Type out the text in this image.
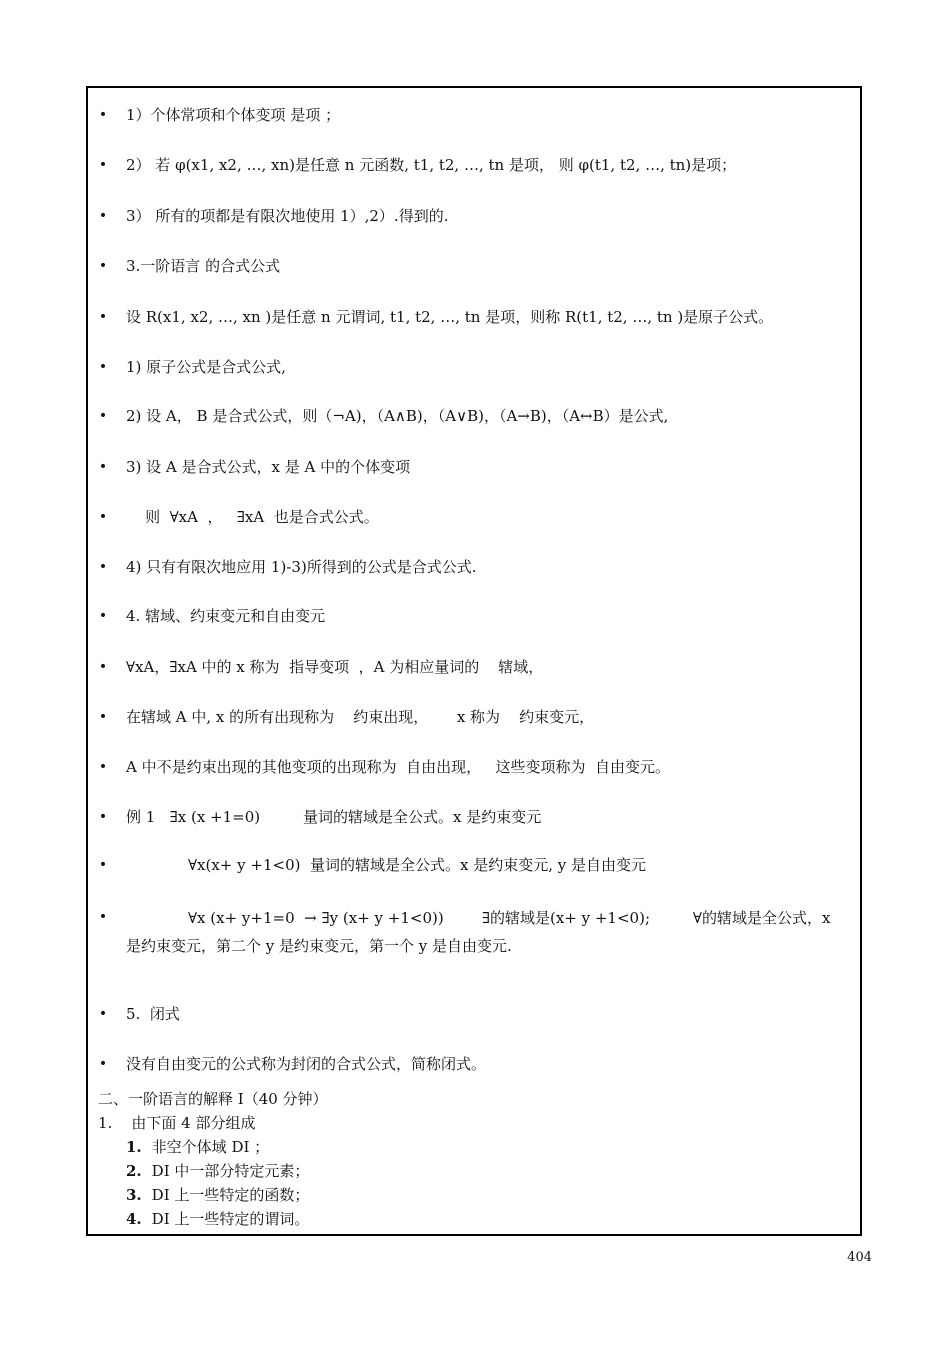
• 1）个体常项和个体变项 是项 ；
• 2） 若 φ(x1, x2, …, xn)是任意 n 元函数, t1, t2, …, tn 是项， 则 φ(t1, t2, …, tn)是项；
• 3） 所有的项都是有限次地使用 1）,2）.得到的.
• 3.一阶语言 的合式公式
• 设 R(x1, x2, …, xn )是任意 n 元谓词, t1, t2, …, tn 是项，则称 R(t1, t2, …, tn )是原子公式。
• 1) 原子公式是合式公式,
• 2) 设 A， B 是合式公式，则（¬A)，（A∧B)，（A∨B)，（A→B)，（A↔B）是公式,
• 3) 设 A 是合式公式，x 是 A 中的个体变项
• 则  ∀xA  ，   ∃xA  也是合式公式。
• 4) 只有有限次地应用 1)-3)所得到的公式是合式公式.
• 4. 辖域、约束变元和自由变元
• ∀xA，∃xA 中的 x 称为  指导变项  ，A 为相应量词的    辖域，
• 在辖域 A 中, x 的所有出现称为    约束出现，      x 称为    约束变元，
• A 中不是约束出现的其他变项的出现称为  自由出现，   这些变项称为  自由变元。
• 例 1   ∃x (x +1=0)         量词的辖域是全公式。x 是约束变元
• ∀x(x+ y +1<0)  量词的辖域是全公式。x 是约束变元, y 是自由变元
• ∀x (x+ y+1=0  → ∃y (x+ y +1<0))        ∃的辖域是(x+ y +1<0);         ∀的辖域是全公式，x 是约束变元，第二个 y 是约束变元，第一个 y 是自由变元.
• 5.  闭式
• 没有自由变元的公式称为封闭的合式公式，简称闭式。
二、一阶语言的解释 I（40 分钟）
1.    由下面 4 部分组成
1. 非空个体域 DI ；
2. DI 中一部分特定元素；
3. DI 上一些特定的函数；
4. DI 上一些特定的谓词。
404
